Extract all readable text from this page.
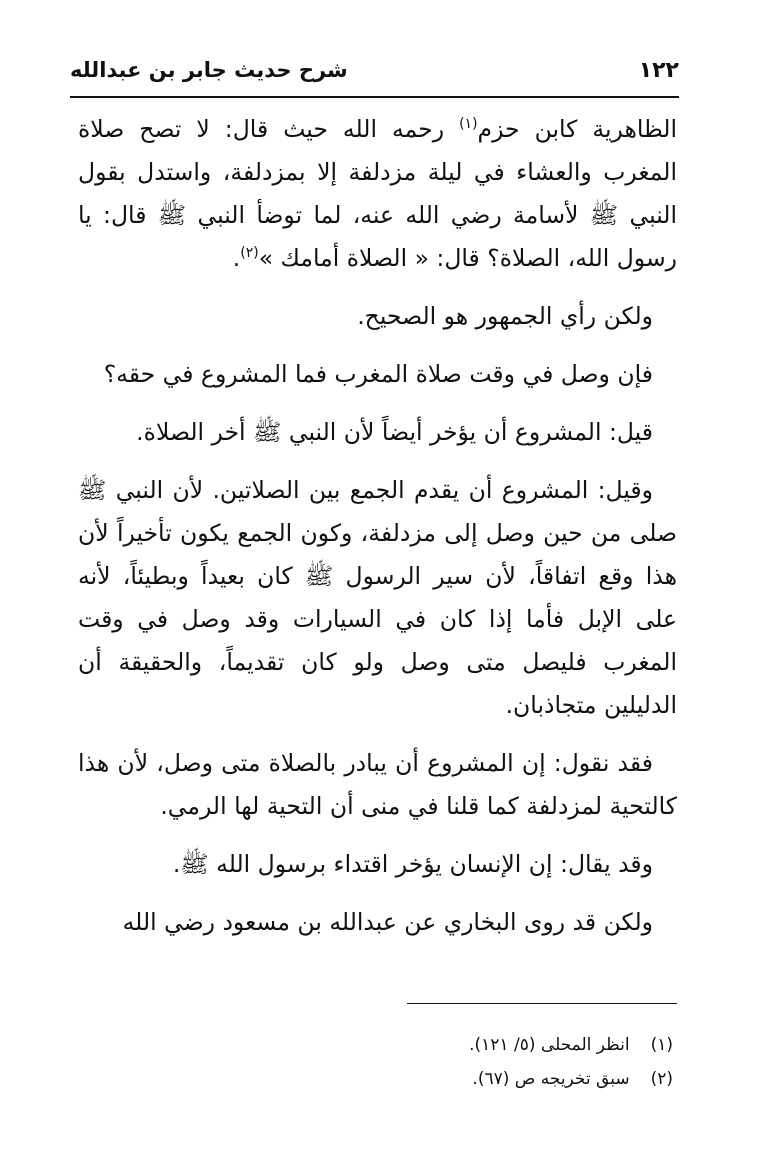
١٢٢
شرح حديث جابر بن عبدالله

الظاهرية كابن حزم$^{(١)}$ رحمه الله حيث قال: لا تصح صلاة المغرب والعشاء في ليلة مزدلفة إلا بمزدلفة، واستدل بقول النبي ﷺ لأسامة رضي الله عنه، لما توضأ النبي ﷺ قال: يا رسول الله، الصلاة؟ قال: « الصلاة أمامك »$^{(٢)}$.

ولكن رأي الجمهور هو الصحيح.

فإن وصل في وقت صلاة المغرب فما المشروع في حقه؟

قيل: المشروع أن يؤخر أيضاً لأن النبي ﷺ أخر الصلاة.

وقيل: المشروع أن يقدم الجمع بين الصلاتين. لأن النبي ﷺ صلى من حين وصل إلى مزدلفة، وكون الجمع يكون تأخيراً لأن هذا وقع اتفاقاً، لأن سير الرسول ﷺ كان بعيداً وبطيئاً، لأنه على الإبل فأما إذا كان في السيارات وقد وصل في وقت المغرب فليصل متى وصل ولو كان تقديماً، والحقيقة أن الدليلين متجاذبان.

فقد نقول: إن المشروع أن يبادر بالصلاة متى وصل، لأن هذا كالتحية لمزدلفة كما قلنا في منى أن التحية لها الرمي.

وقد يقال: إن الإنسان يؤخر اقتداء برسول الله ﷺ.

ولكن قد روى البخاري عن عبدالله بن مسعود رضي الله

(١) انظر المحلى (٥/ ١٢١).
(٢) سبق تخريجه ص (٦٧).
